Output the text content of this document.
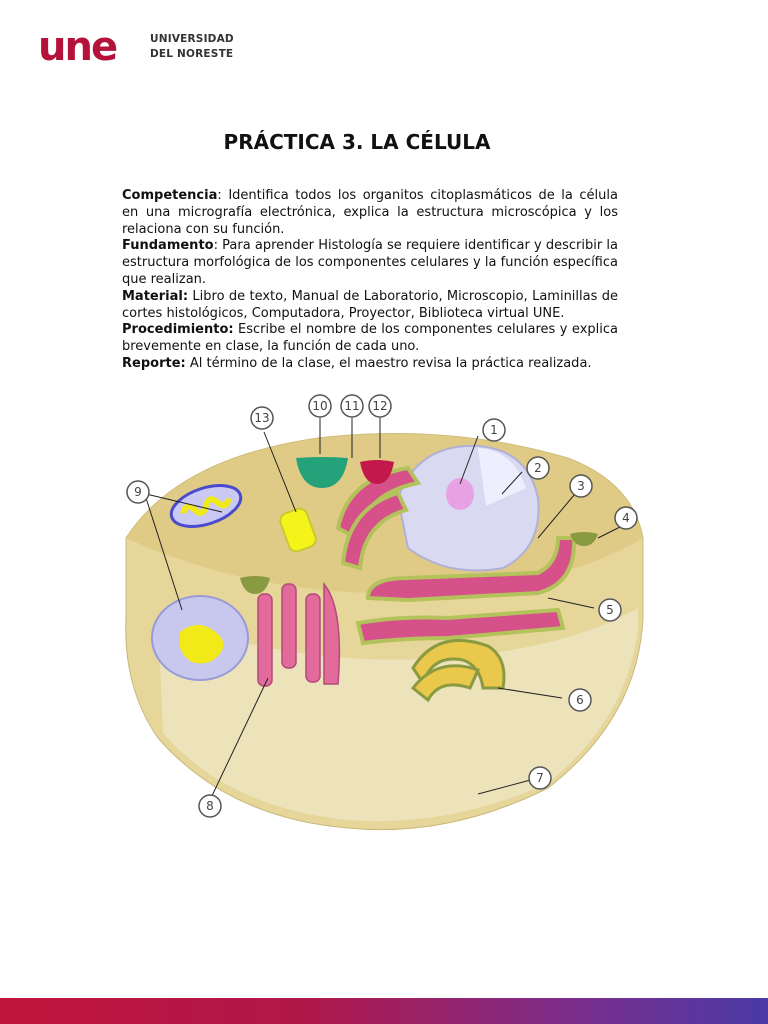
une	UNIVERSIDAD
DEL NORESTE
PRÁCTICA 3. LA CÉLULA

Competencia: Identifica todos los organitos citoplasmáticos de la célula en una micrografía electrónica, explica la estructura microscópica y los relaciona con su función.

Fundamento: Para aprender Histología se requiere identificar y describir la estructura morfológica de los componentes celulares y la función específica que realizan.

Material: Libro de texto, Manual de Laboratorio, Microscopio, Laminillas de cortes histológicos, Computadora, Proyector, Biblioteca virtual UNE.

Procedimiento: Escribe el nombre de los componentes celulares y explica brevemente en clase, la función de cada uno.

Reporte: Al término de la clase, el maestro revisa la práctica realizada.

1
2
3
4
5
6
7
8
9
10 11 12
13
